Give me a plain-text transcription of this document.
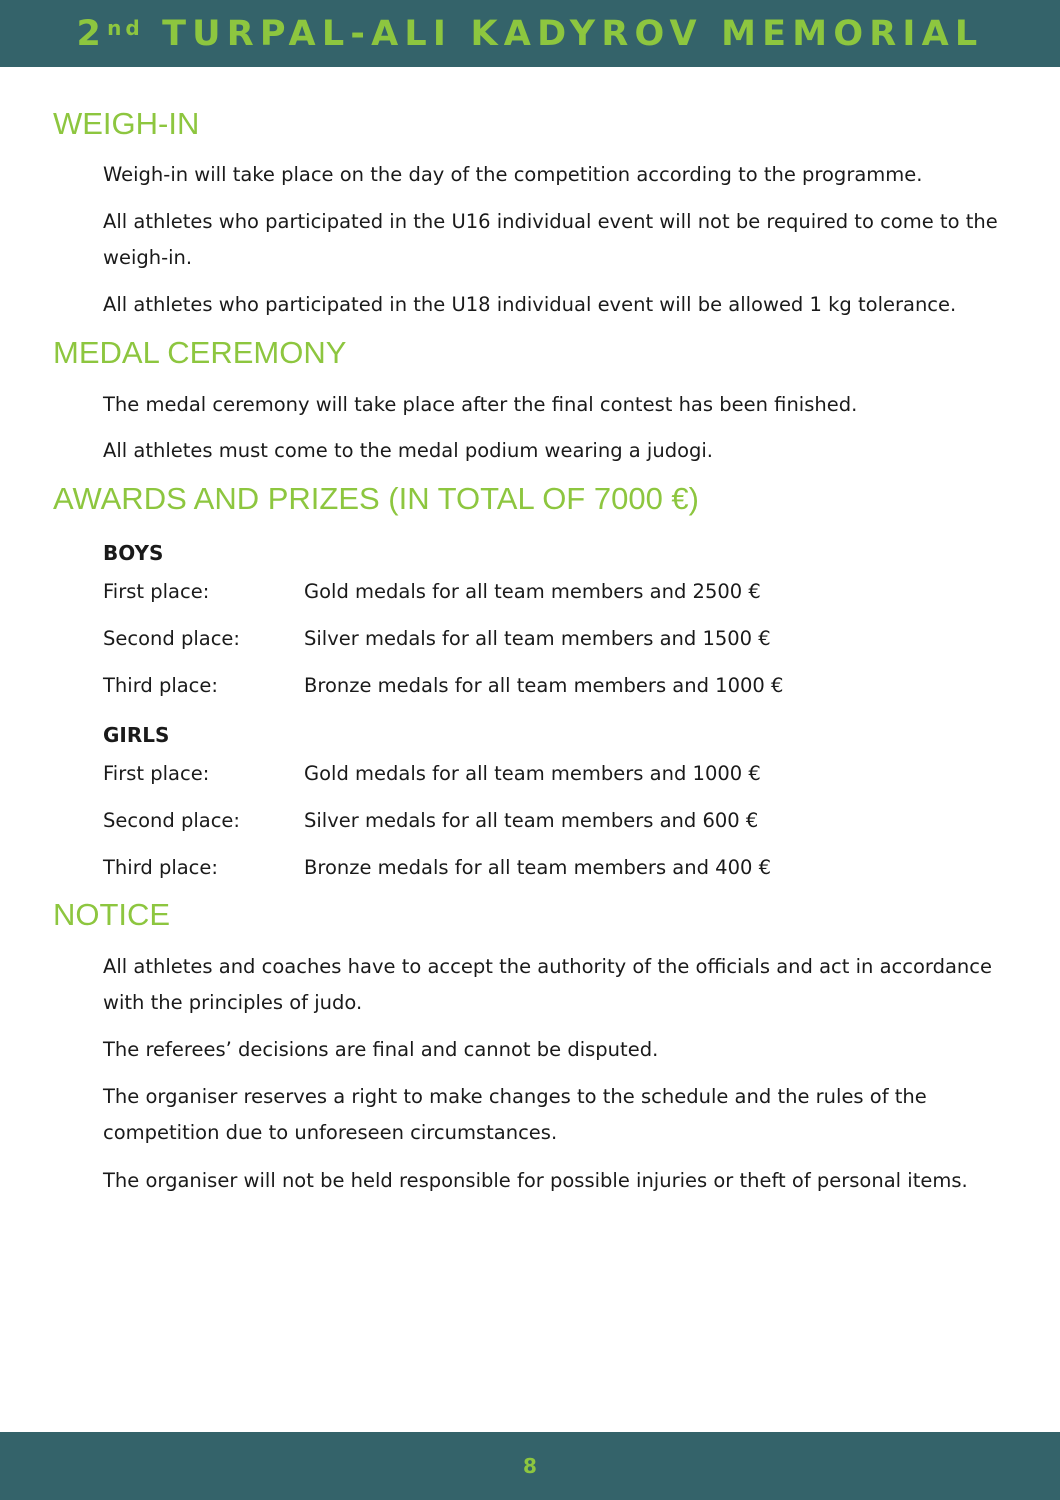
2nd
TURPAL-ALI KADYROV MEMORIAL
WEIGH-IN

Weigh-in will take place on the day of the competition according to the programme.

All athletes who participated in the U16 individual event will not be required to come to the weigh-in.

All athletes who participated in the U18 individual event will be allowed 1 kg tolerance.

MEDAL CEREMONY

The medal ceremony will take place after the final contest has been finished.

All athletes must come to the medal podium wearing a judogi.

AWARDS AND PRIZES (IN TOTAL OF 7000 €)
BOYS
First place:	Gold medals for all team members and 2500 €
Second place:	Silver medals for all team members and 1500 €
Third place:	Bronze medals for all team members and 1000 €
GIRLS
First place:	Gold medals for all team members and 1000 €
Second place:	Silver medals for all team members and 600 €
Third place:	Bronze medals for all team members and 400 €
NOTICE

All athletes and coaches have to accept the authority of the officials and act in accordance with the principles of judo.

The referees’ decisions are final and cannot be disputed.

The organiser reserves a right to make changes to the schedule and the rules of the competition due to unforeseen circumstances.

The organiser will not be held responsible for possible injuries or theft of personal items.

8
